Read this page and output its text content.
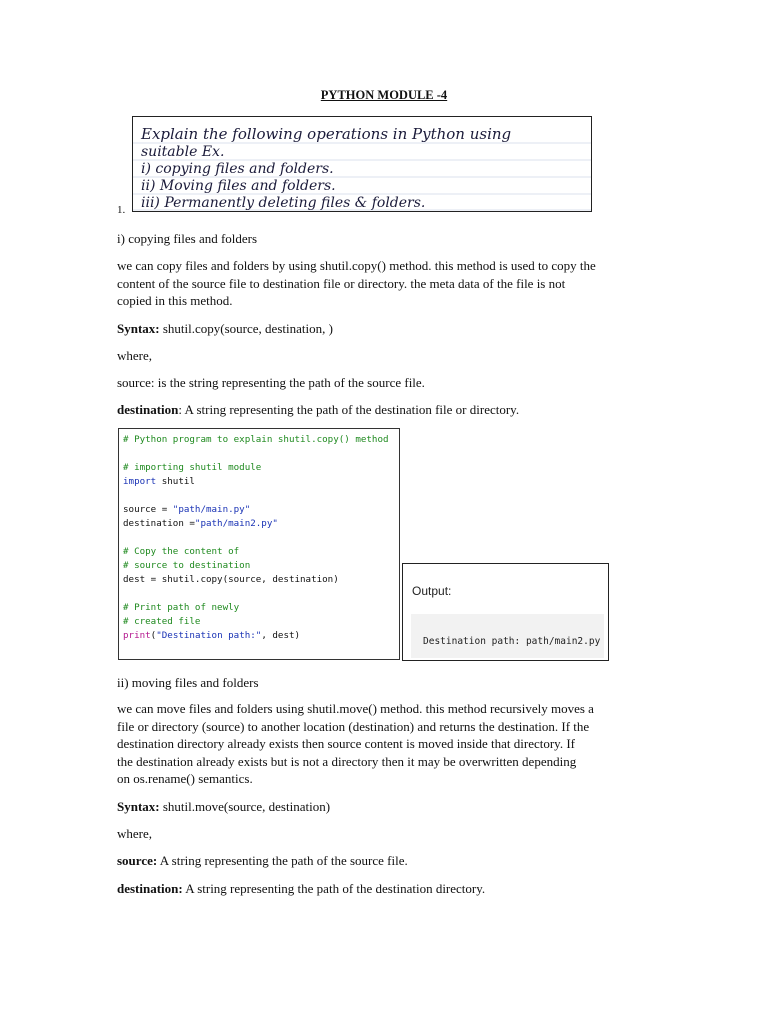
PYTHON MODULE -4
Explain the following operations in Python using
suitable Ex.
i) copying files and folders.
ii) Moving files and folders.
iii) Permanently deleting files & folders.
1.
i) copying files and folders
we can copy files and folders by using shutil.copy() method. this method is used to copy the
content of the source file to destination file or directory. the meta data of the file is not
copied in this method.
Syntax: shutil.copy(source, destination, )
where,
source: is the string representing the path of the source file.
destination: A string representing the path of the destination file or directory.
# Python program to explain shutil.copy() method
# importing shutil module
import shutil
source = "path/main.py"
destination ="path/main2.py"
# Copy the content of
# source to destination
dest = shutil.copy(source, destination)
# Print path of newly
# created file
print("Destination path:", dest)
Output:
Destination path: path/main2.py
ii) moving files and folders
we can move files and folders using shutil.move() method. this method recursively moves a
file or directory (source) to another location (destination) and returns the destination. If the
destination directory already exists then source content is moved inside that directory. If
the destination already exists but is not a directory then it may be overwritten depending
on os.rename() semantics.
Syntax: shutil.move(source, destination)
where,
source: A string representing the path of the source file.
destination: A string representing the path of the destination directory.
